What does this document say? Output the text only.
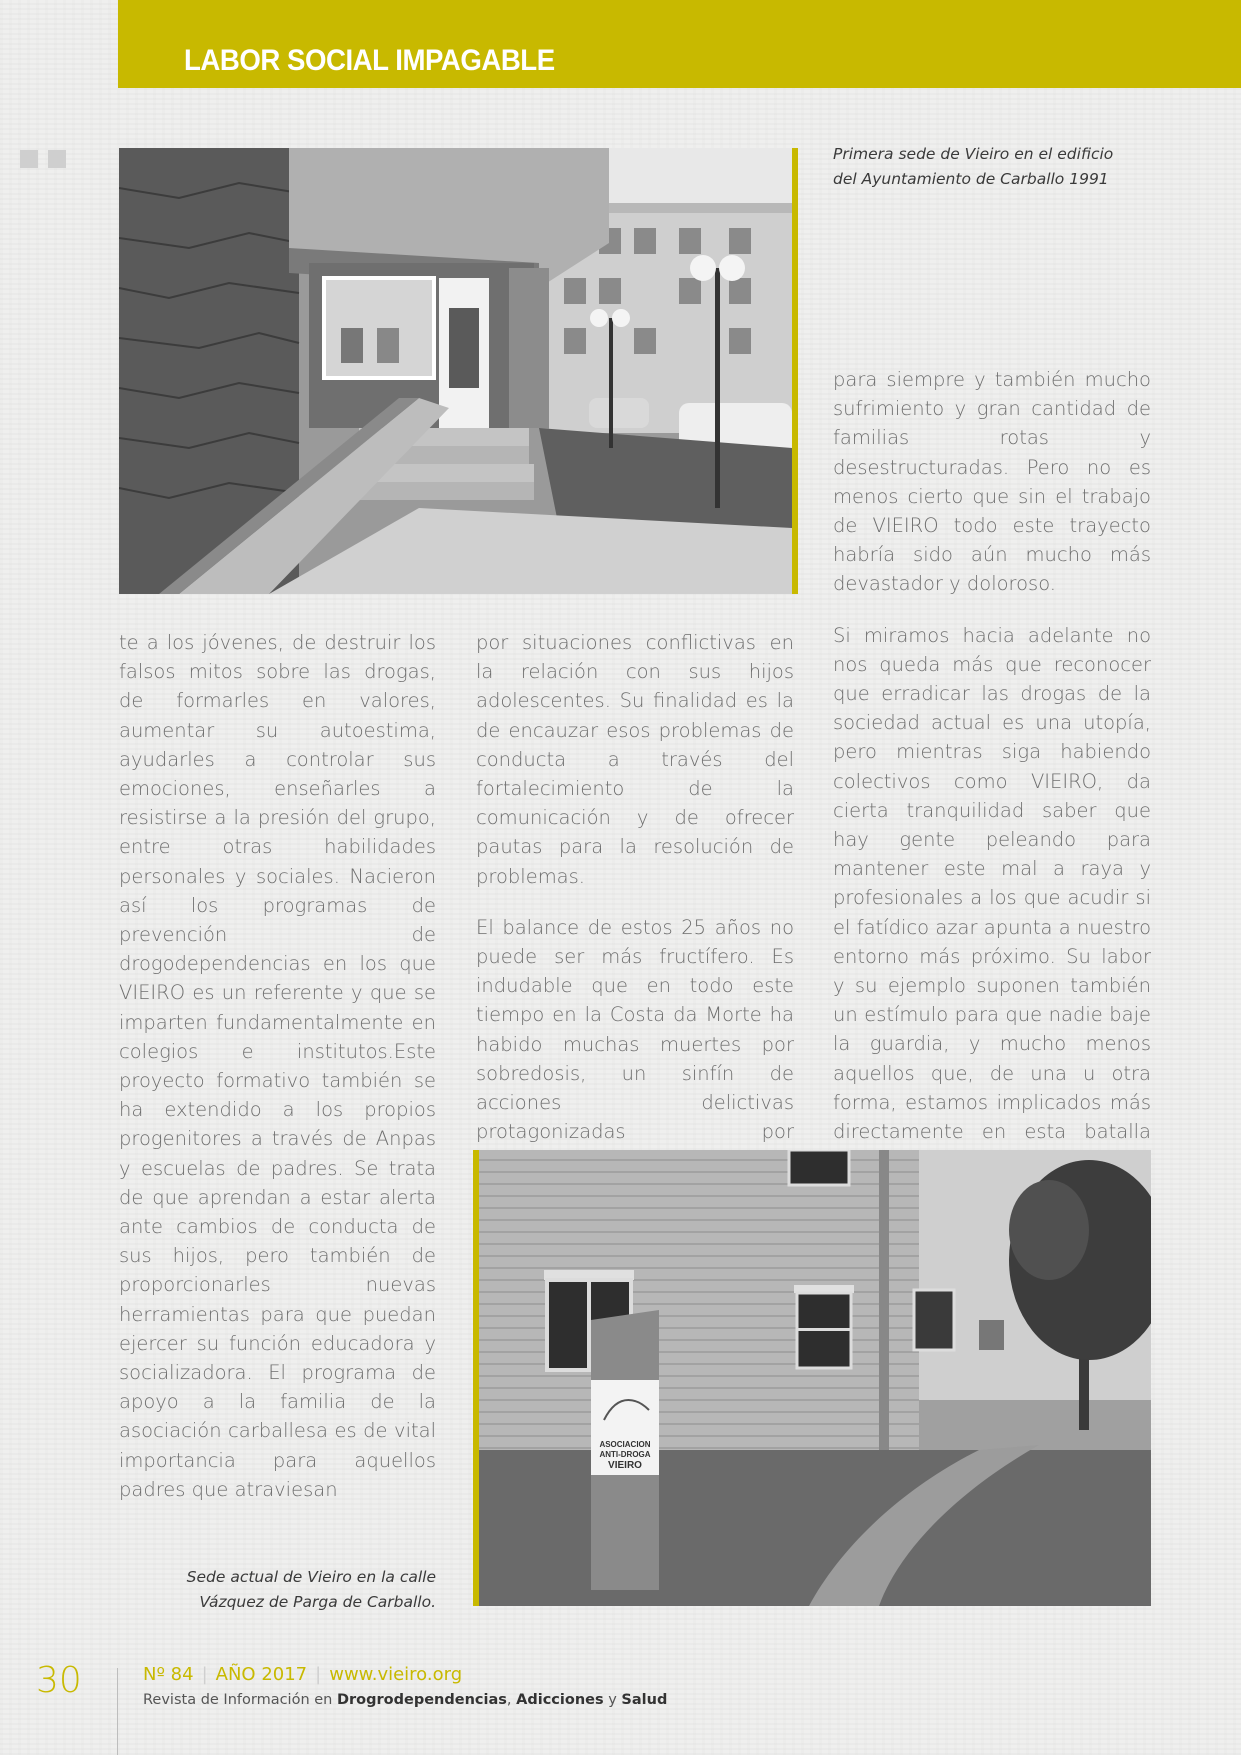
LABOR SOCIAL IMPAGABLE
Primera sede de Vieiro en el edificio
del Ayuntamiento de Carballo 1991

te a los jóvenes, de destruir los falsos mitos sobre las drogas, de formarles en valores, aumentar su autoestima, ayudarles a controlar sus emociones, enseñarles a resistirse a la presión del grupo, entre otras habilidades personales y sociales. Nacieron así los programas de prevención de drogodependencias en los que VIEIRO es un referente y que se imparten fundamentalmente en colegios e institutos.Este proyecto formativo también se ha extendido a los propios progenitores a través de Anpas y escuelas de padres. Se trata de que aprendan a estar alerta ante cambios de conducta de sus hijos, pero también de proporcionarles nuevas herramientas para que puedan ejercer su función educadora y socializadora. El programa de apoyo a la familia de la asociación carballesa es de vital importancia para aquellos padres que atraviesan

por situaciones conflictivas en la relación con sus hijos adolescentes. Su finalidad es la de encauzar esos problemas de conducta a través del fortalecimiento de la comunicación y de ofrecer pautas para la resolución de problemas.

El balance de estos 25 años no puede ser más fructífero. Es indudable que en todo este tiempo en la Costa da Morte ha habido muchas muertes por sobredosis, un sinfín de acciones delictivas protagonizadas por

para siempre y también mucho sufrimiento y gran cantidad de familias rotas y desestructuradas. Pero no es menos cierto que sin el trabajo de VIEIRO todo este trayecto habría sido aún mucho más devastador y doloroso.

Si miramos hacia adelante no nos queda más que reconocer que erradicar las drogas de la sociedad actual es una utopía, pero mientras siga habiendo colectivos como VIEIRO, da cierta tranquilidad saber que hay gente peleando para mantener este mal a raya y profesionales a los que acudir si el fatídico azar apunta a nuestro entorno más próximo. Su labor y su ejemplo suponen también un estímulo para que nadie baje la guardia, y mucho menos aquellos que, de una u otra forma, estamos implicados más directamente en esta batalla

ASOCIACION
ANTI-DROGA
VIEIRO
Sede actual de Vieiro en la calle
Vázquez de Parga de Carballo.
30	Nº 84 | AÑO 2017 | www.vieiro.org
Revista de Información en Drogrodependencias, Adicciones y Salud
